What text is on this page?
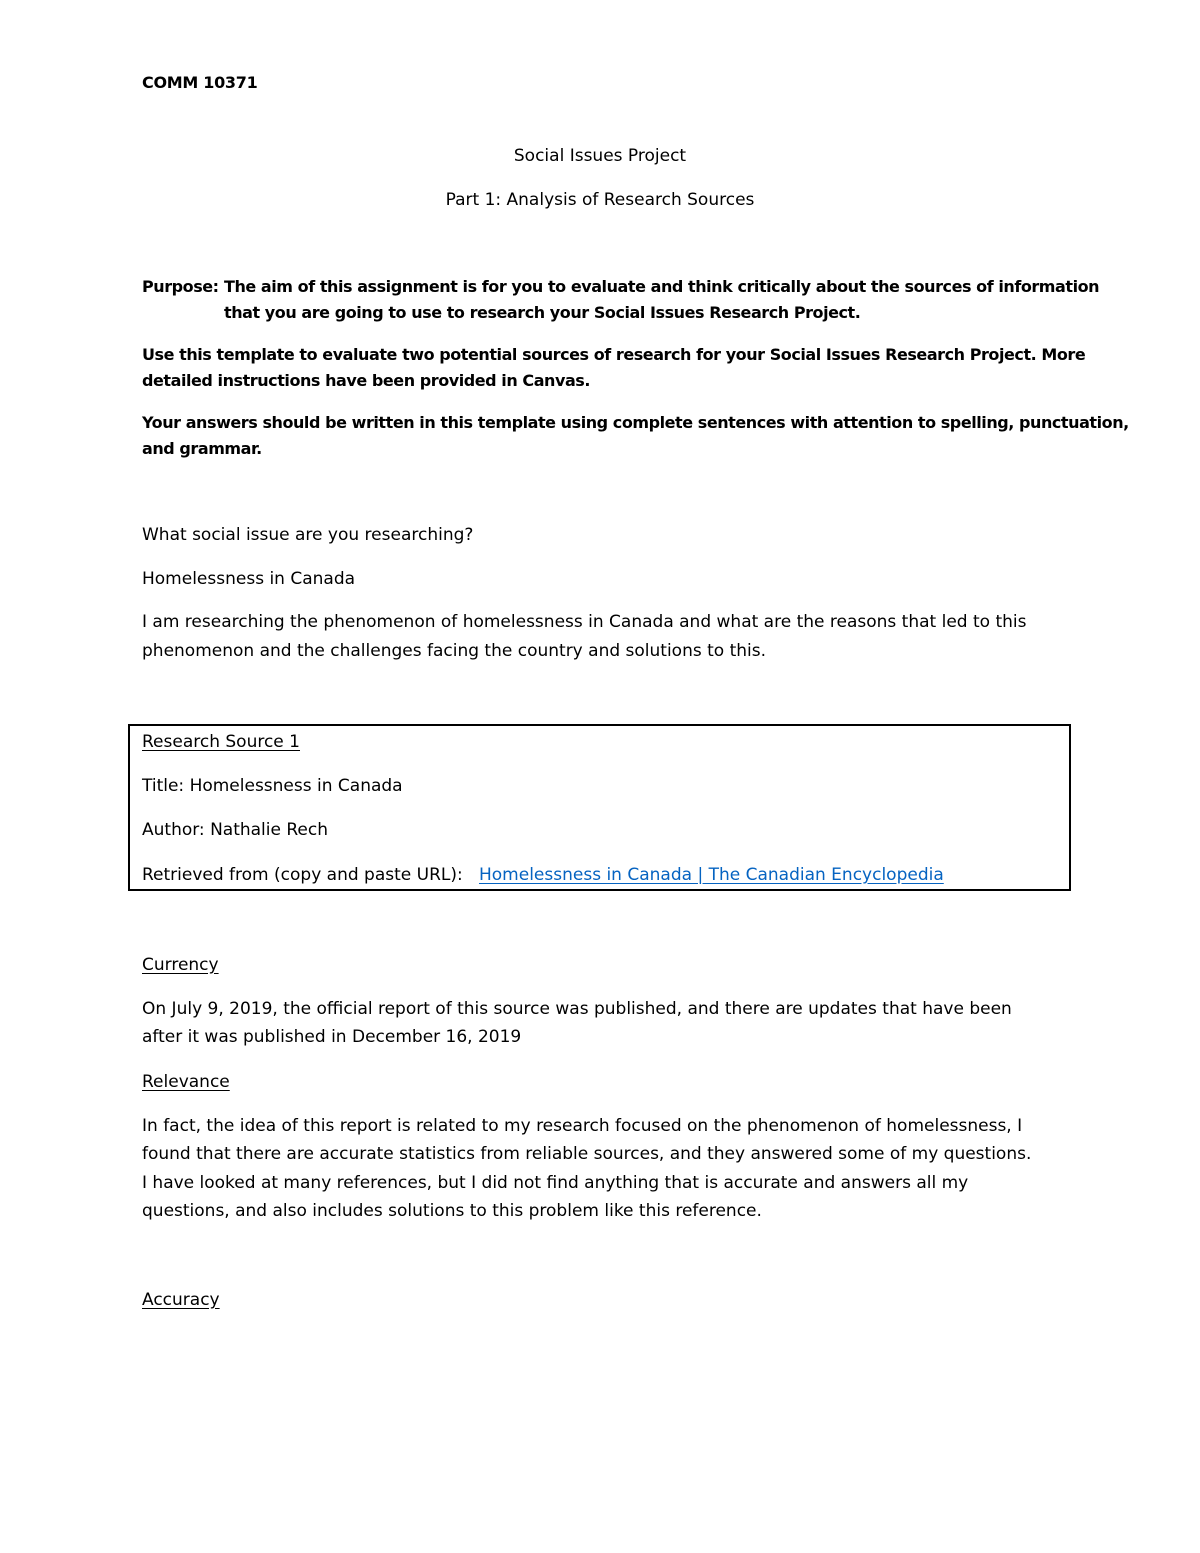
COMM 10371
Social Issues Project
Part 1: Analysis of Research Sources
Purpose: The aim of this assignment is for you to evaluate and think critically about the sources of information
that you are going to use to research your Social Issues Research Project.
Use this template to evaluate two potential sources of research for your Social Issues Research Project. More
detailed instructions have been provided in Canvas.
Your answers should be written in this template using complete sentences with attention to spelling, punctuation,
and grammar.
What social issue are you researching?
Homelessness in Canada
I am researching the phenomenon of homelessness in Canada and what are the reasons that led to this
phenomenon and the challenges facing the country and solutions to this.
Research Source 1
Title: Homelessness in Canada
Author: Nathalie Rech
Retrieved from (copy and paste URL): Homelessness in Canada | The Canadian Encyclopedia
Currency
On July 9, 2019, the official report of this source was published, and there are updates that have been
after it was published in December 16, 2019
Relevance
In fact, the idea of this report is related to my research focused on the phenomenon of homelessness, I
found that there are accurate statistics from reliable sources, and they answered some of my questions.
I have looked at many references, but I did not find anything that is accurate and answers all my
questions, and also includes solutions to this problem like this reference.
Accuracy
